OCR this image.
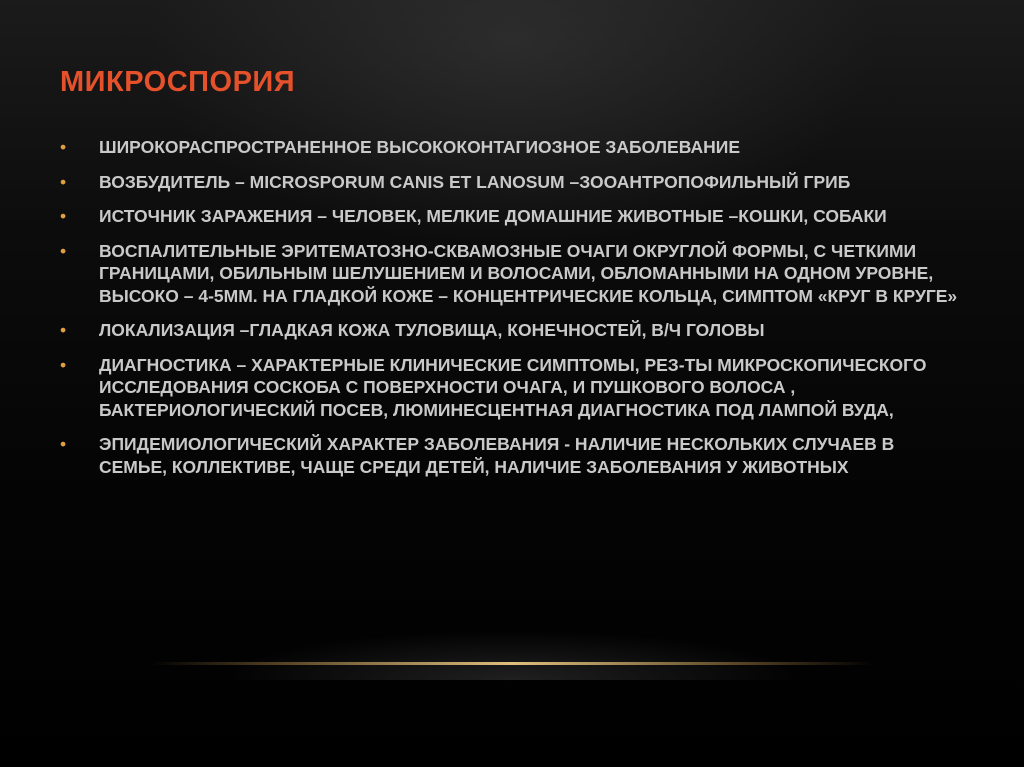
МИКРОСПОРИЯ
• ШИРОКОРАСПРОСТРАНЕННОЕ ВЫСОКОКОНТАГИОЗНОЕ ЗАБОЛЕВАНИЕ
• ВОЗБУДИТЕЛЬ – MICROSPORUM CANIS ET LANOSUM –ЗООАНТРОПОФИЛЬНЫЙ ГРИБ
• ИСТОЧНИК ЗАРАЖЕНИЯ – ЧЕЛОВЕК, МЕЛКИЕ ДОМАШНИЕ ЖИВОТНЫЕ –КОШКИ, СОБАКИ
• ВОСПАЛИТЕЛЬНЫЕ ЭРИТЕМАТОЗНО-СКВАМОЗНЫЕ ОЧАГИ ОКРУГЛОЙ ФОРМЫ, С ЧЕТКИМИ ГРАНИЦАМИ, ОБИЛЬНЫМ ШЕЛУШЕНИЕМ И ВОЛОСАМИ, ОБЛОМАННЫМИ НА ОДНОМ УРОВНЕ, ВЫСОКО – 4-5ММ. НА ГЛАДКОЙ КОЖЕ – КОНЦЕНТРИЧЕСКИЕ КОЛЬЦА, СИМПТОМ «КРУГ В КРУГЕ»
• ЛОКАЛИЗАЦИЯ –ГЛАДКАЯ КОЖА ТУЛОВИЩА, КОНЕЧНОСТЕЙ, В/Ч ГОЛОВЫ
• ДИАГНОСТИКА – ХАРАКТЕРНЫЕ КЛИНИЧЕСКИЕ СИМПТОМЫ, РЕЗ-ТЫ МИКРОСКОПИЧЕСКОГО ИССЛЕДОВАНИЯ СОСКОБА С ПОВЕРХНОСТИ ОЧАГА, И ПУШКОВОГО ВОЛОСА , БАКТЕРИОЛОГИЧЕСКИЙ ПОСЕВ, ЛЮМИНЕСЦЕНТНАЯ ДИАГНОСТИКА ПОД ЛАМПОЙ ВУДА,
• ЭПИДЕМИОЛОГИЧЕСКИЙ ХАРАКТЕР ЗАБОЛЕВАНИЯ - НАЛИЧИЕ НЕСКОЛЬКИХ СЛУЧАЕВ В СЕМЬЕ, КОЛЛЕКТИВЕ, ЧАЩЕ СРЕДИ ДЕТЕЙ, НАЛИЧИЕ ЗАБОЛЕВАНИЯ У ЖИВОТНЫХ
